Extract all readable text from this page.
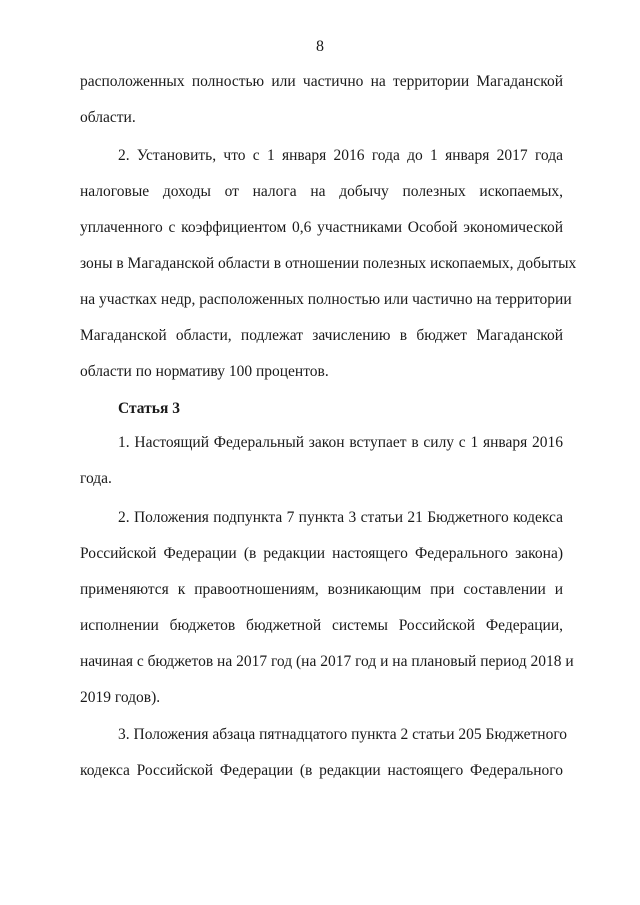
8
расположенных полностью или частично на территории Магаданской
области.
2. Установить, что с 1 января 2016 года до 1 января 2017 года
налоговые доходы от налога на добычу полезных ископаемых,
уплаченного с коэффициентом 0,6 участниками Особой экономической
зоны в Магаданской области в отношении полезных ископаемых, добытых
на участках недр, расположенных полностью или частично на территории
Магаданской области, подлежат зачислению в бюджет Магаданской
области по нормативу 100 процентов.
Статья 3
1. Настоящий Федеральный закон вступает в силу с 1 января 2016
года.
2. Положения подпункта 7 пункта 3 статьи 21 Бюджетного кодекса
Российской Федерации (в редакции настоящего Федерального закона)
применяются к правоотношениям, возникающим при составлении и
исполнении бюджетов бюджетной системы Российской Федерации,
начиная с бюджетов на 2017 год (на 2017 год и на плановый период 2018 и
2019 годов).
3. Положения абзаца пятнадцатого пункта 2 статьи 205 Бюджетного
кодекса Российской Федерации (в редакции настоящего Федерального
